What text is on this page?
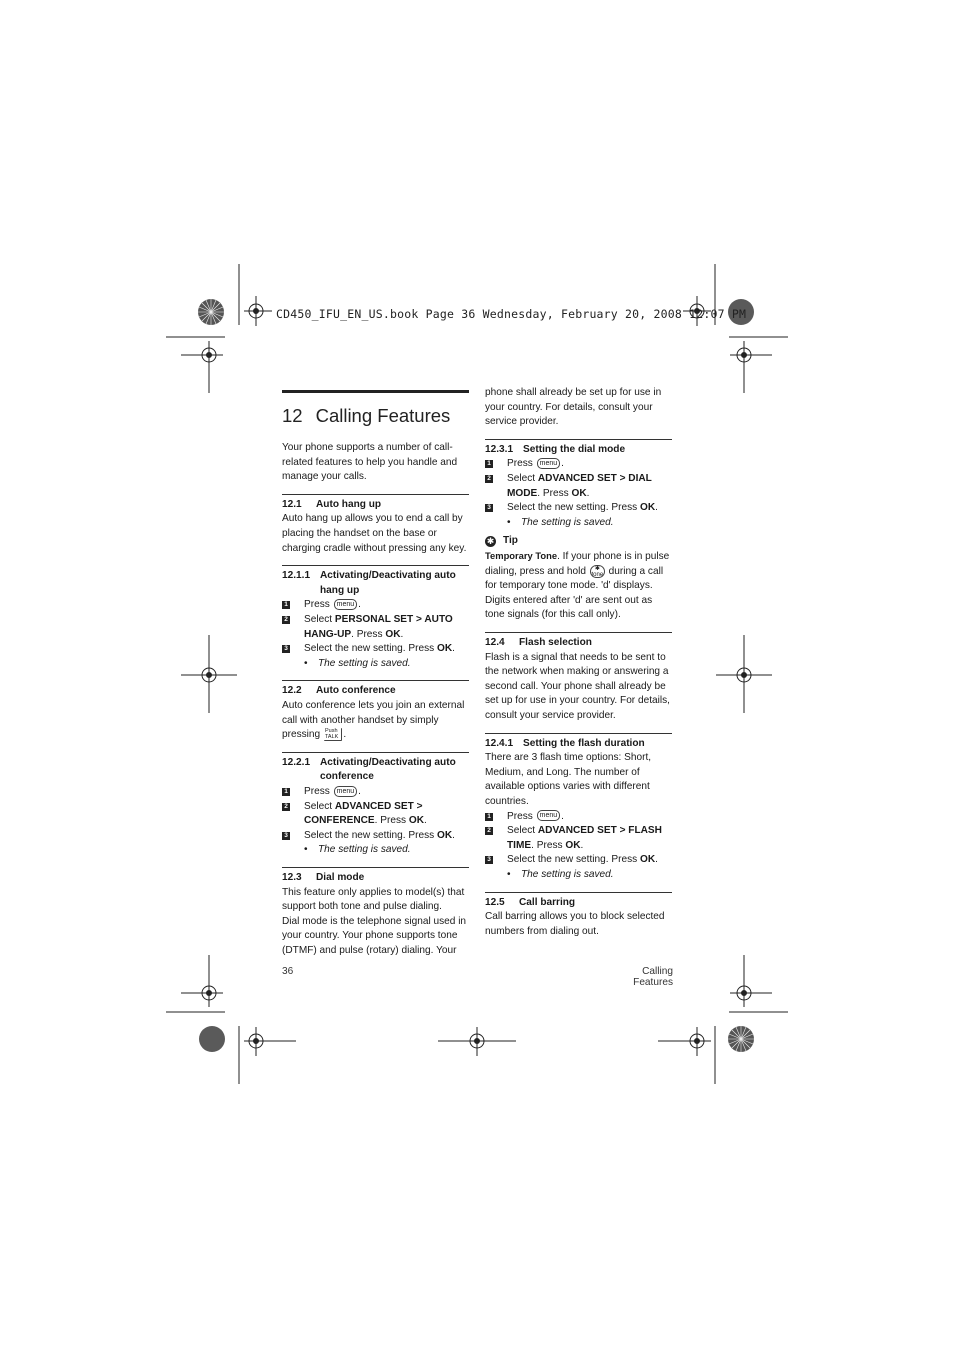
CD450_IFU_EN_US.book Page 36 Wednesday, February 20, 2008 12:07 PM
12 Calling Features

Your phone supports a number of call-related features to help you handle and manage your calls.

12.1 Auto hang up

Auto hang up allows you to end a call by placing the handset on the base or charging cradle without pressing any key.

12.1.1 Activating/Deactivating auto hang up
1 Press menu .
2 Select PERSONAL SET > AUTO HANG-UP. Press OK.
3 Select the new setting. Press OK.
• The setting is saved.
12.2 Auto conference

Auto conference lets you join an external call with another handset by simply pressing Push
TALK .

12.2.1 Activating/Deactivating auto conference
1 Press menu .
2 Select ADVANCED SET > CONFERENCE. Press OK.
3 Select the new setting. Press OK.
• The setting is saved.
12.3 Dial mode

This feature only applies to model(s) that support both tone and pulse dialing.

Dial mode is the telephone signal used in your country. Your phone supports tone (DTMF) and pulse (rotary) dialing. Your

phone shall already be set up for use in your country. For details, consult your service provider.

12.3.1 Setting the dial mode
1 Press menu .
2 Select ADVANCED SET > DIAL MODE. Press OK.
3 Select the new setting. Press OK.
• The setting is saved.
✱ Tip

Temporary Tone. If your phone is in pulse dialing, press and hold ✱
tone during a call for temporary tone mode. 'd' displays. Digits entered after 'd' are sent out as tone signals (for this call only).

12.4 Flash selection

Flash is a signal that needs to be sent to the network when making or answering a second call. Your phone shall already be set up for use in your country. For details, consult your service provider.

12.4.1 Setting the flash duration

There are 3 flash time options: Short, Medium, and Long. The number of available options varies with different countries.

1 Press menu .
2 Select ADVANCED SET > FLASH TIME. Press OK.
3 Select the new setting. Press OK.
• The setting is saved.
12.5 Call barring

Call barring allows you to block selected numbers from dialing out.

36	Calling Features
